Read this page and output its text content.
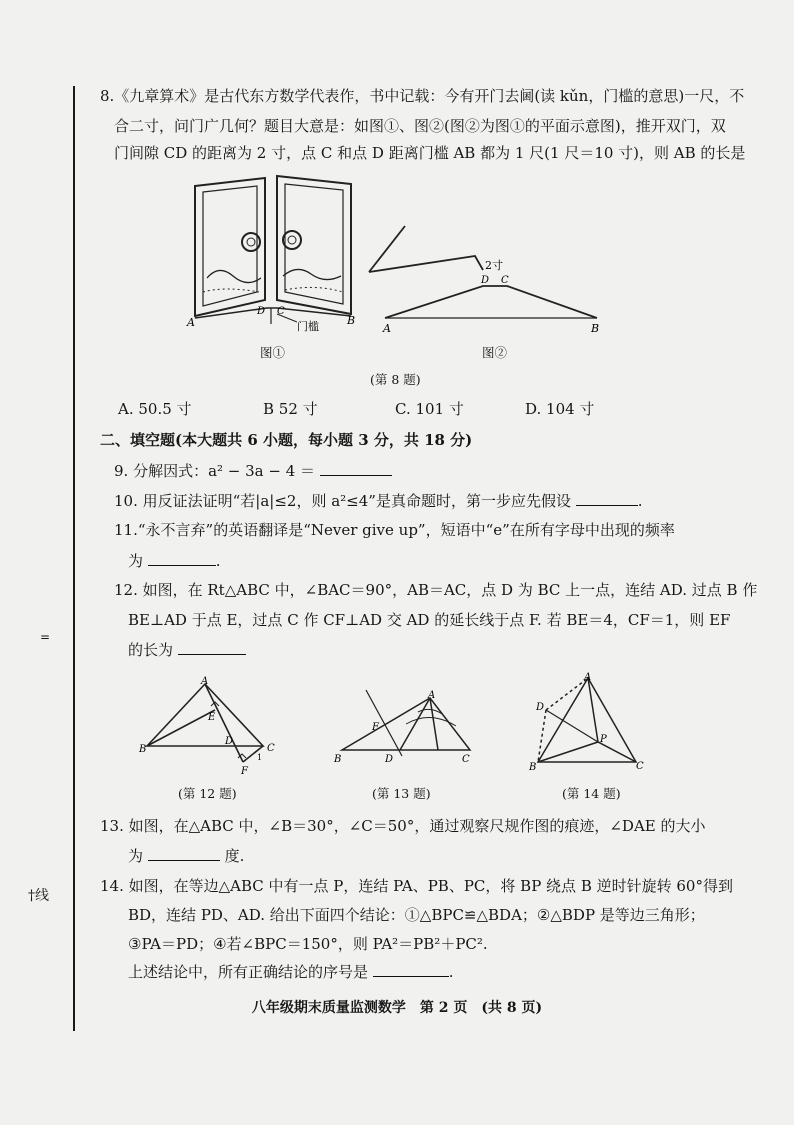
=
†线
8.《九章算术》是古代东方数学代表作，书中记载：今有开门去阃(读 kǔn，门槛的意思)一尺，不
合二寸，问门广几何？题目大意是：如图①、图②(图②为图①的平面示意图)，推开双门，双
门间隙 CD 的距离为 2 寸，点 C 和点 D 距离门槛 AB 都为 1 尺(1 尺＝10 寸)，则 AB 的长是
A	B
D C
门槛
图①
2寸
D C
A	B
图②
(第 8 题)
A. 50.5 寸	B 52 寸	C. 101 寸	D. 104 寸
二、填空题(本大题共 6 小题，每小题 3 分，共 18 分)
9. 分解因式：a² − 3a − 4 ＝
10. 用反证法证明“若|a|≤2，则 a²≤4”是真命题时，第一步应先假设	.
11.“永不言弃”的英语翻译是“Never give up”，短语中“e”在所有字母中出现的频率
为	.
12. 如图，在 Rt△ABC 中，∠BAC＝90°，AB＝AC，点 D 为 BC 上一点，连结 AD. 过点 B 作
BE⊥AD 于点 E，过点 C 作 CF⊥AD 交 AD 的延长线于点 F. 若 BE＝4，CF＝1，则 EF
的长为
A
B	C
D
E
F
1
(第 12 题)
A
B	C
D
F
(第 13 题)
A
B	C
D
P
(第 14 题)
13. 如图，在△ABC 中，∠B＝30°，∠C＝50°，通过观察尺规作图的痕迹，∠DAE 的大小
为	度.
14. 如图，在等边△ABC 中有一点 P，连结 PA、PB、PC，将 BP 绕点 B 逆时针旋转 60°得到
BD，连结 PD、AD. 给出下面四个结论：①△BPC≌△BDA；②△BDP 是等边三角形；
③PA＝PD；④若∠BPC＝150°，则 PA²＝PB²＋PC².
上述结论中，所有正确结论的序号是	.
八年级期末质量监测数学　第 2 页　(共 8 页)
